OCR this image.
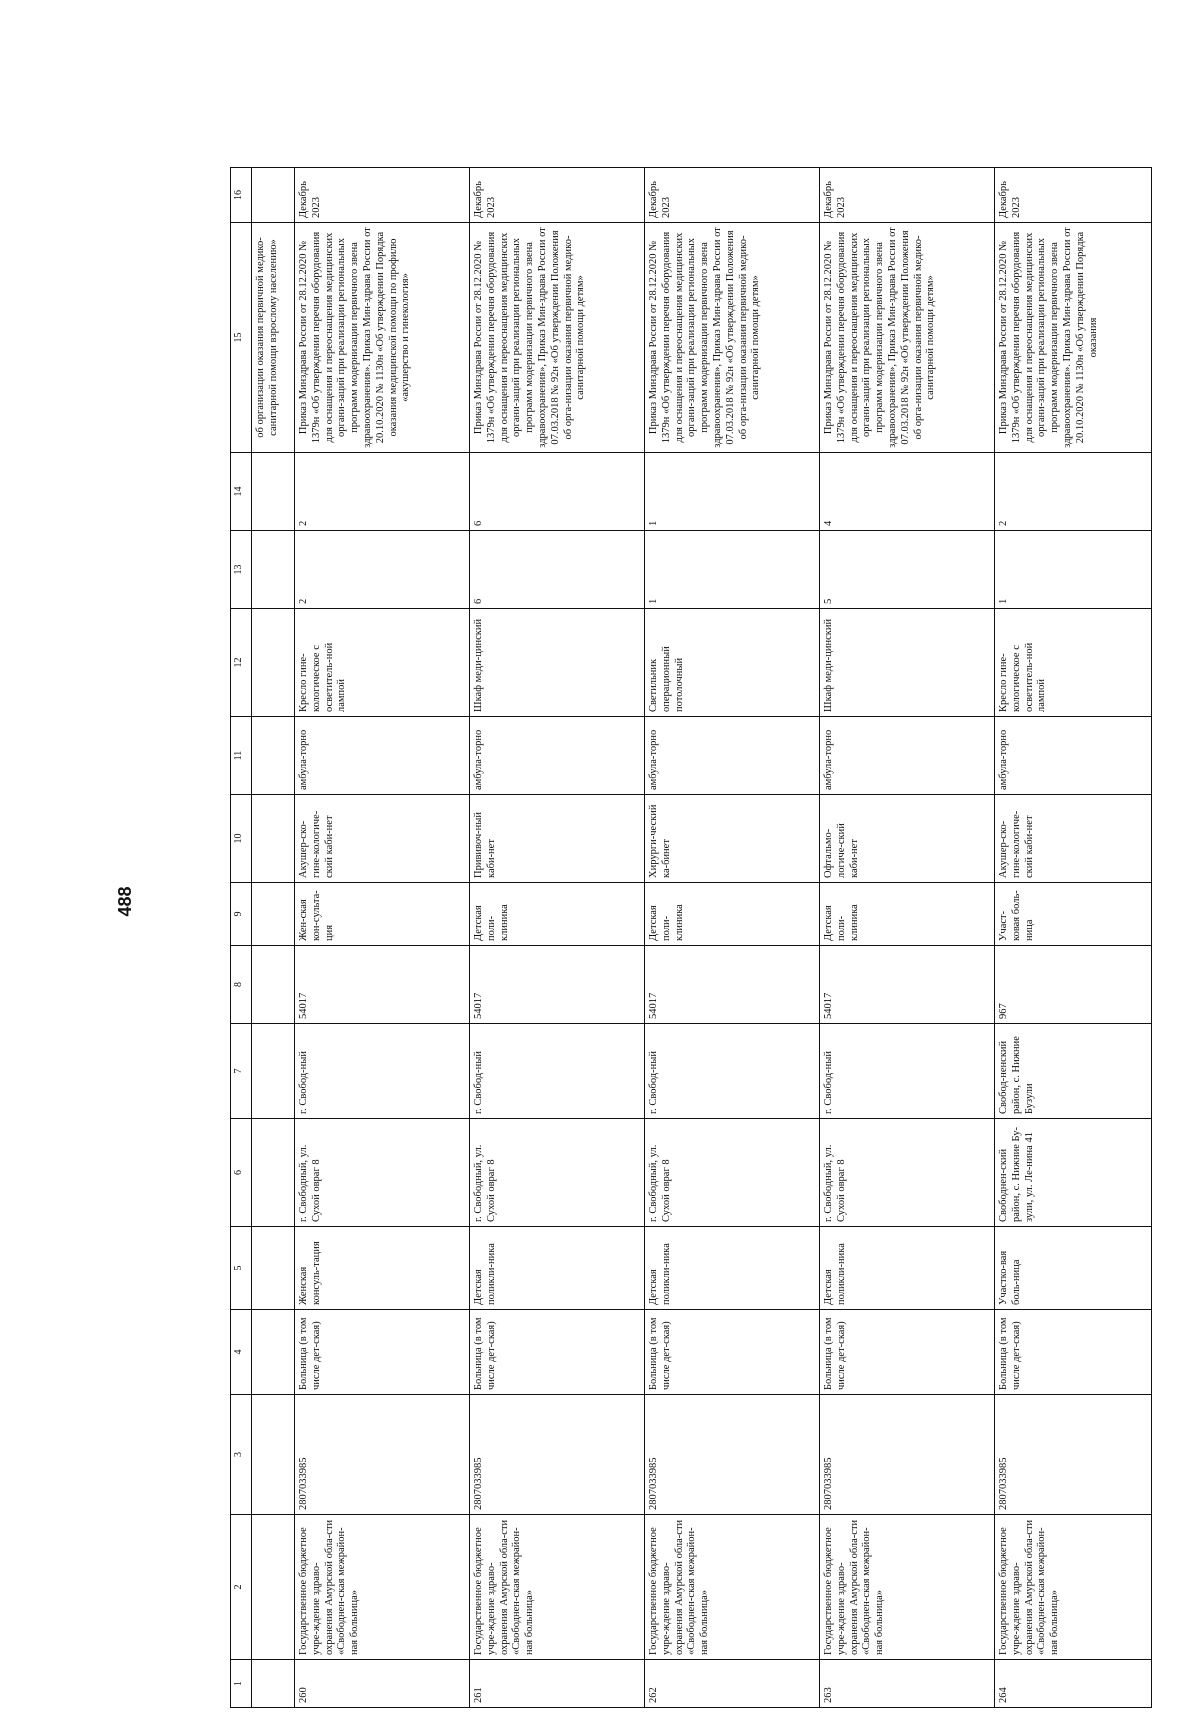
488
1	2	3	4	5	6	7	8	9	10	11	12	13	14	15	16
														об организации оказания первичной медико-санитарной помощи взрослому населению»	
260	Государственное бюджетное учре-ждение здраво-охранения Амурской обла-сти «Свободнен-ская межрайон-ная больница»	2807033985	Больница (в том числе дет-ская)	Женская консуль-тация	г. Свободный, ул. Сухой овраг 8	г. Свобод-ный	54017	Жен-ская кон-сульта-ция	Акушер-ско-гине-кологиче-ский каби-нет	амбула-торно	Кресло гине-кологическое с осветитель-ной лампой	2	2	Приказ Минздрава России от 28.12.2020 № 1379н «Об утверждении перечня оборудования для оснащения и переоснащения медицинских органи-заций при реализации региональных программ модернизации первичного звена здравоохранения». Приказ Мин-здрава России от 20.10.2020 № 1130н «Об утверждении Порядка оказания медицинской помощи по профилю «акушерство и гинекология»	Декабрь 2023
261	Государственное бюджетное учре-ждение здраво-охранения Амурской обла-сти «Свободнен-ская межрайон-ная больница»	2807033985	Больница (в том числе дет-ская)	Детская поликли-ника	г. Свободный, ул. Сухой овраг 8	г. Свобод-ный	54017	Детская поли-клиника	Прививоч-ный каби-нет	амбула-торно	Шкаф меди-цинский	6	6	Приказ Минздрава России от 28.12.2020 № 1379н «Об утверждении перечня оборудования для оснащения и переоснащения медицинских органи-заций при реализации региональных программ модернизации первичного звена здравоохранения», Приказ Мин-здрава России от 07.03.2018 № 92н «Об утверждении Положения об орга-низации оказания первичной медико-санитарной помощи детям»	Декабрь 2023
262	Государственное бюджетное учре-ждение здраво-охранения Амурской обла-сти «Свободнен-ская межрайон-ная больница»	2807033985	Больница (в том числе дет-ская)	Детская поликли-ника	г. Свободный, ул. Сухой овраг 8	г. Свобод-ный	54017	Детская поли-клиника	Хирурги-ческий ка-бинет	амбула-торно	Светильник операционный потолочный	1	1	Приказ Минздрава России от 28.12.2020 № 1379н «Об утверждении перечня оборудования для оснащения и переоснащения медицинских органи-заций при реализации региональных программ модернизации первичного звена здравоохранения», Приказ Мин-здрава России от 07.03.2018 № 92н «Об утверждении Положения об орга-низации оказания первичной медико-санитарной помощи детям»	Декабрь 2023
263	Государственное бюджетное учре-ждение здраво-охранения Амурской обла-сти «Свободнен-ская межрайон-ная больница»	2807033985	Больница (в том числе дет-ская)	Детская поликли-ника	г. Свободный, ул. Сухой овраг 8	г. Свобод-ный	54017	Детская поли-клиника	Офтальмо-логиче-ский каби-нет	амбула-торно	Шкаф меди-цинский	5	4	Приказ Минздрава России от 28.12.2020 № 1379н «Об утверждении перечня оборудования для оснащения и переоснащения медицинских органи-заций при реализации региональных программ модернизации первичного звена здравоохранения», Приказ Мин-здрава России от 07.03.2018 № 92н «Об утверждении Положения об орга-низации оказания первичной медико-санитарной помощи детям»	Декабрь 2023
264	Государственное бюджетное учре-ждение здраво-охранения Амурской обла-сти «Свободнен-ская межрайон-ная больница»	2807033985	Больница (в том числе дет-ская)	Участко-вая боль-ница	Свободнен-ский район, с. Нижние Бу-зули, ул. Ле-нина 41	Свобод-ненский район, с. Нижние Бузули	967	Участ-ковая боль-ница	Акушер-ско-гине-кологиче-ский каби-нет	амбула-торно	Кресло гине-кологическое с осветитель-ной лампой	1	2	Приказ Минздрава России от 28.12.2020 № 1379н «Об утверждении перечня оборудования для оснащения и переоснащения медицинских органи-заций при реализации региональных программ модернизации первичного звена здравоохранения». Приказ Мин-здрава России от 20.10.2020 № 1130н «Об утверждении Порядка оказания	Декабрь 2023
